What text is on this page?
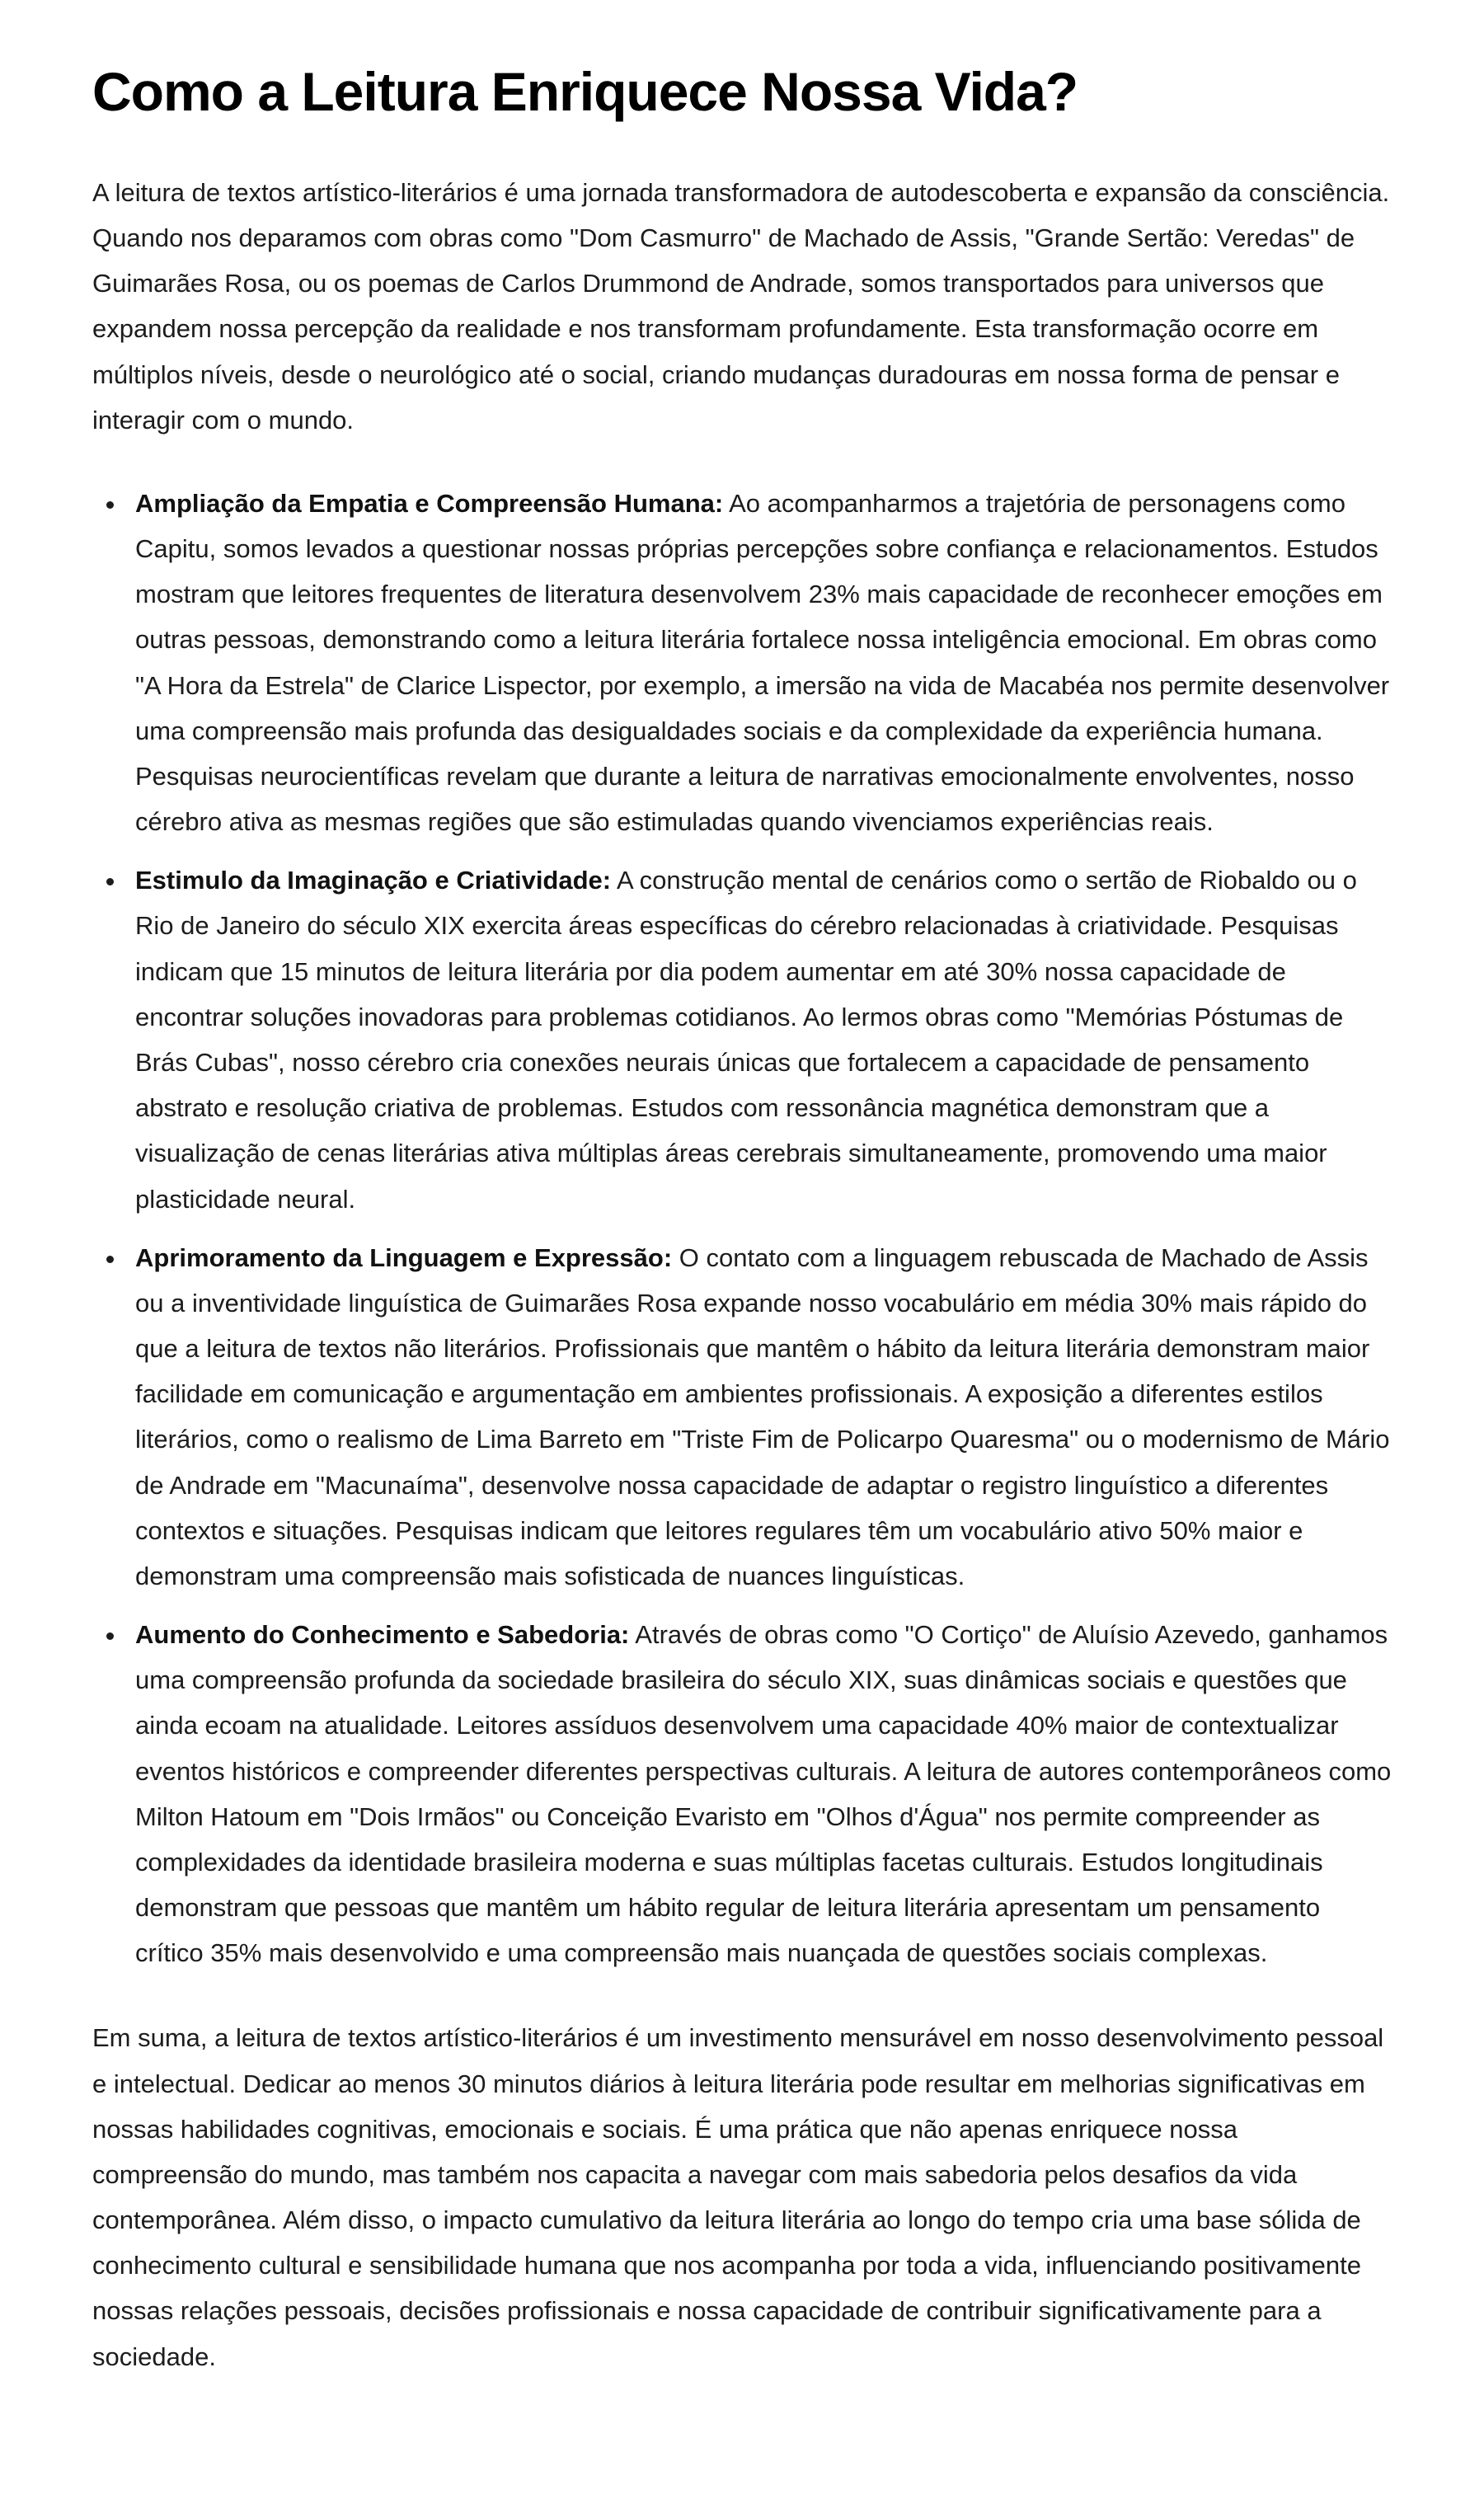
Como a Leitura Enriquece Nossa Vida?

A leitura de textos artístico-literários é uma jornada transformadora de autodescoberta e expansão da consciência. Quando nos deparamos com obras como "Dom Casmurro" de Machado de Assis, "Grande Sertão: Veredas" de Guimarães Rosa, ou os poemas de Carlos Drummond de Andrade, somos transportados para universos que expandem nossa percepção da realidade e nos transformam profundamente. Esta transformação ocorre em múltiplos níveis, desde o neurológico até o social, criando mudanças duradouras em nossa forma de pensar e interagir com o mundo.

• Ampliação da Empatia e Compreensão Humana: Ao acompanharmos a trajetória de personagens como Capitu, somos levados a questionar nossas próprias percepções sobre confiança e relacionamentos. Estudos mostram que leitores frequentes de literatura desenvolvem 23% mais capacidade de reconhecer emoções em outras pessoas, demonstrando como a leitura literária fortalece nossa inteligência emocional. Em obras como "A Hora da Estrela" de Clarice Lispector, por exemplo, a imersão na vida de Macabéa nos permite desenvolver uma compreensão mais profunda das desigualdades sociais e da complexidade da experiência humana. Pesquisas neurocientíficas revelam que durante a leitura de narrativas emocionalmente envolventes, nosso cérebro ativa as mesmas regiões que são estimuladas quando vivenciamos experiências reais.
• Estimulo da Imaginação e Criatividade: A construção mental de cenários como o sertão de Riobaldo ou o Rio de Janeiro do século XIX exercita áreas específicas do cérebro relacionadas à criatividade. Pesquisas indicam que 15 minutos de leitura literária por dia podem aumentar em até 30% nossa capacidade de encontrar soluções inovadoras para problemas cotidianos. Ao lermos obras como "Memórias Póstumas de Brás Cubas", nosso cérebro cria conexões neurais únicas que fortalecem a capacidade de pensamento abstrato e resolução criativa de problemas. Estudos com ressonância magnética demonstram que a visualização de cenas literárias ativa múltiplas áreas cerebrais simultaneamente, promovendo uma maior plasticidade neural.
• Aprimoramento da Linguagem e Expressão: O contato com a linguagem rebuscada de Machado de Assis ou a inventividade linguística de Guimarães Rosa expande nosso vocabulário em média 30% mais rápido do que a leitura de textos não literários. Profissionais que mantêm o hábito da leitura literária demonstram maior facilidade em comunicação e argumentação em ambientes profissionais. A exposição a diferentes estilos literários, como o realismo de Lima Barreto em "Triste Fim de Policarpo Quaresma" ou o modernismo de Mário de Andrade em "Macunaíma", desenvolve nossa capacidade de adaptar o registro linguístico a diferentes contextos e situações. Pesquisas indicam que leitores regulares têm um vocabulário ativo 50% maior e demonstram uma compreensão mais sofisticada de nuances linguísticas.
• Aumento do Conhecimento e Sabedoria: Através de obras como "O Cortiço" de Aluísio Azevedo, ganhamos uma compreensão profunda da sociedade brasileira do século XIX, suas dinâmicas sociais e questões que ainda ecoam na atualidade. Leitores assíduos desenvolvem uma capacidade 40% maior de contextualizar eventos históricos e compreender diferentes perspectivas culturais. A leitura de autores contemporâneos como Milton Hatoum em "Dois Irmãos" ou Conceição Evaristo em "Olhos d'Água" nos permite compreender as complexidades da identidade brasileira moderna e suas múltiplas facetas culturais. Estudos longitudinais demonstram que pessoas que mantêm um hábito regular de leitura literária apresentam um pensamento crítico 35% mais desenvolvido e uma compreensão mais nuançada de questões sociais complexas.

Em suma, a leitura de textos artístico-literários é um investimento mensurável em nosso desenvolvimento pessoal e intelectual. Dedicar ao menos 30 minutos diários à leitura literária pode resultar em melhorias significativas em nossas habilidades cognitivas, emocionais e sociais. É uma prática que não apenas enriquece nossa compreensão do mundo, mas também nos capacita a navegar com mais sabedoria pelos desafios da vida contemporânea. Além disso, o impacto cumulativo da leitura literária ao longo do tempo cria uma base sólida de conhecimento cultural e sensibilidade humana que nos acompanha por toda a vida, influenciando positivamente nossas relações pessoais, decisões profissionais e nossa capacidade de contribuir significativamente para a sociedade.
